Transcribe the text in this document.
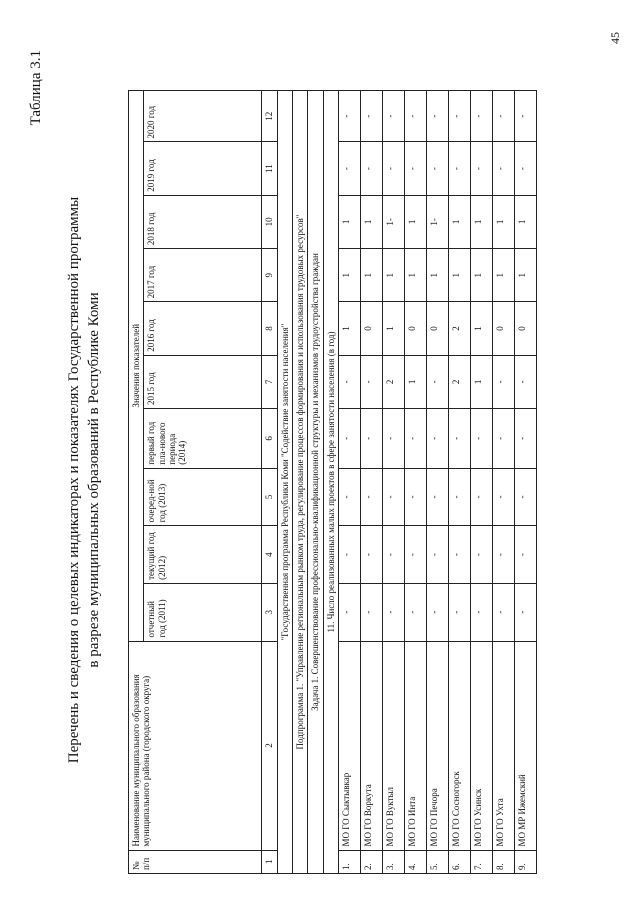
45
Таблица 3.1
Перечень и сведения о целевых индикаторах и показателях Государственной программы в разрезе муниципальных образований в Республике Коми
№ п/п	Наименование муниципального образования муниципального района (городского округа)	Значения показателей									
		отчетный год (2011)	текущий год (2012)	очеред-ной год (2013)	первый год пла-нового периода (2014)	2015 год	2016 год	2017 год	2018 год	2019 год	2020 год
1	2	3	4	5	6	7	8	9	10	11	12
"Государственная программа Республики Коми "Содействие занятости населения"											
Подпрограмма 1. "Управление региональным рынком труда, регулирование процессов формирования и использования трудовых ресурсов"											
Задача 1. Совершенствование профессионально-квалификационной структуры и механизмов трудоустройства граждан											
11. Число реализованных малых проектов в сфере занятости населения (в год)											
1.	МО ГО Сыктывкар	-	-	-	-	-	1	1	1	-	-
2.	МО ГО Воркута	-	-	-	-	-	0	1	1	-	-
3.	МО ГО Вуктыл	-	-	-	-	2	1	1	1-	-	-
4.	МО ГО Инта	-	-	-	-	1	0	1	1	-	-
5.	МО ГО Печора	-	-	-	-	-	0	1	1-	-	-
6.	МО ГО Сосногорск	-	-	-	-	2	2	1	1	-	-
7.	МО ГО Усинск	-	-	-	-	1	1	1	1	-	-
8.	МО ГО Ухта	-	-	-	-	-	0	1	1	-	-
9.	МО МР Ижемский	-	-	-	-	-	0	1	1	-	-
